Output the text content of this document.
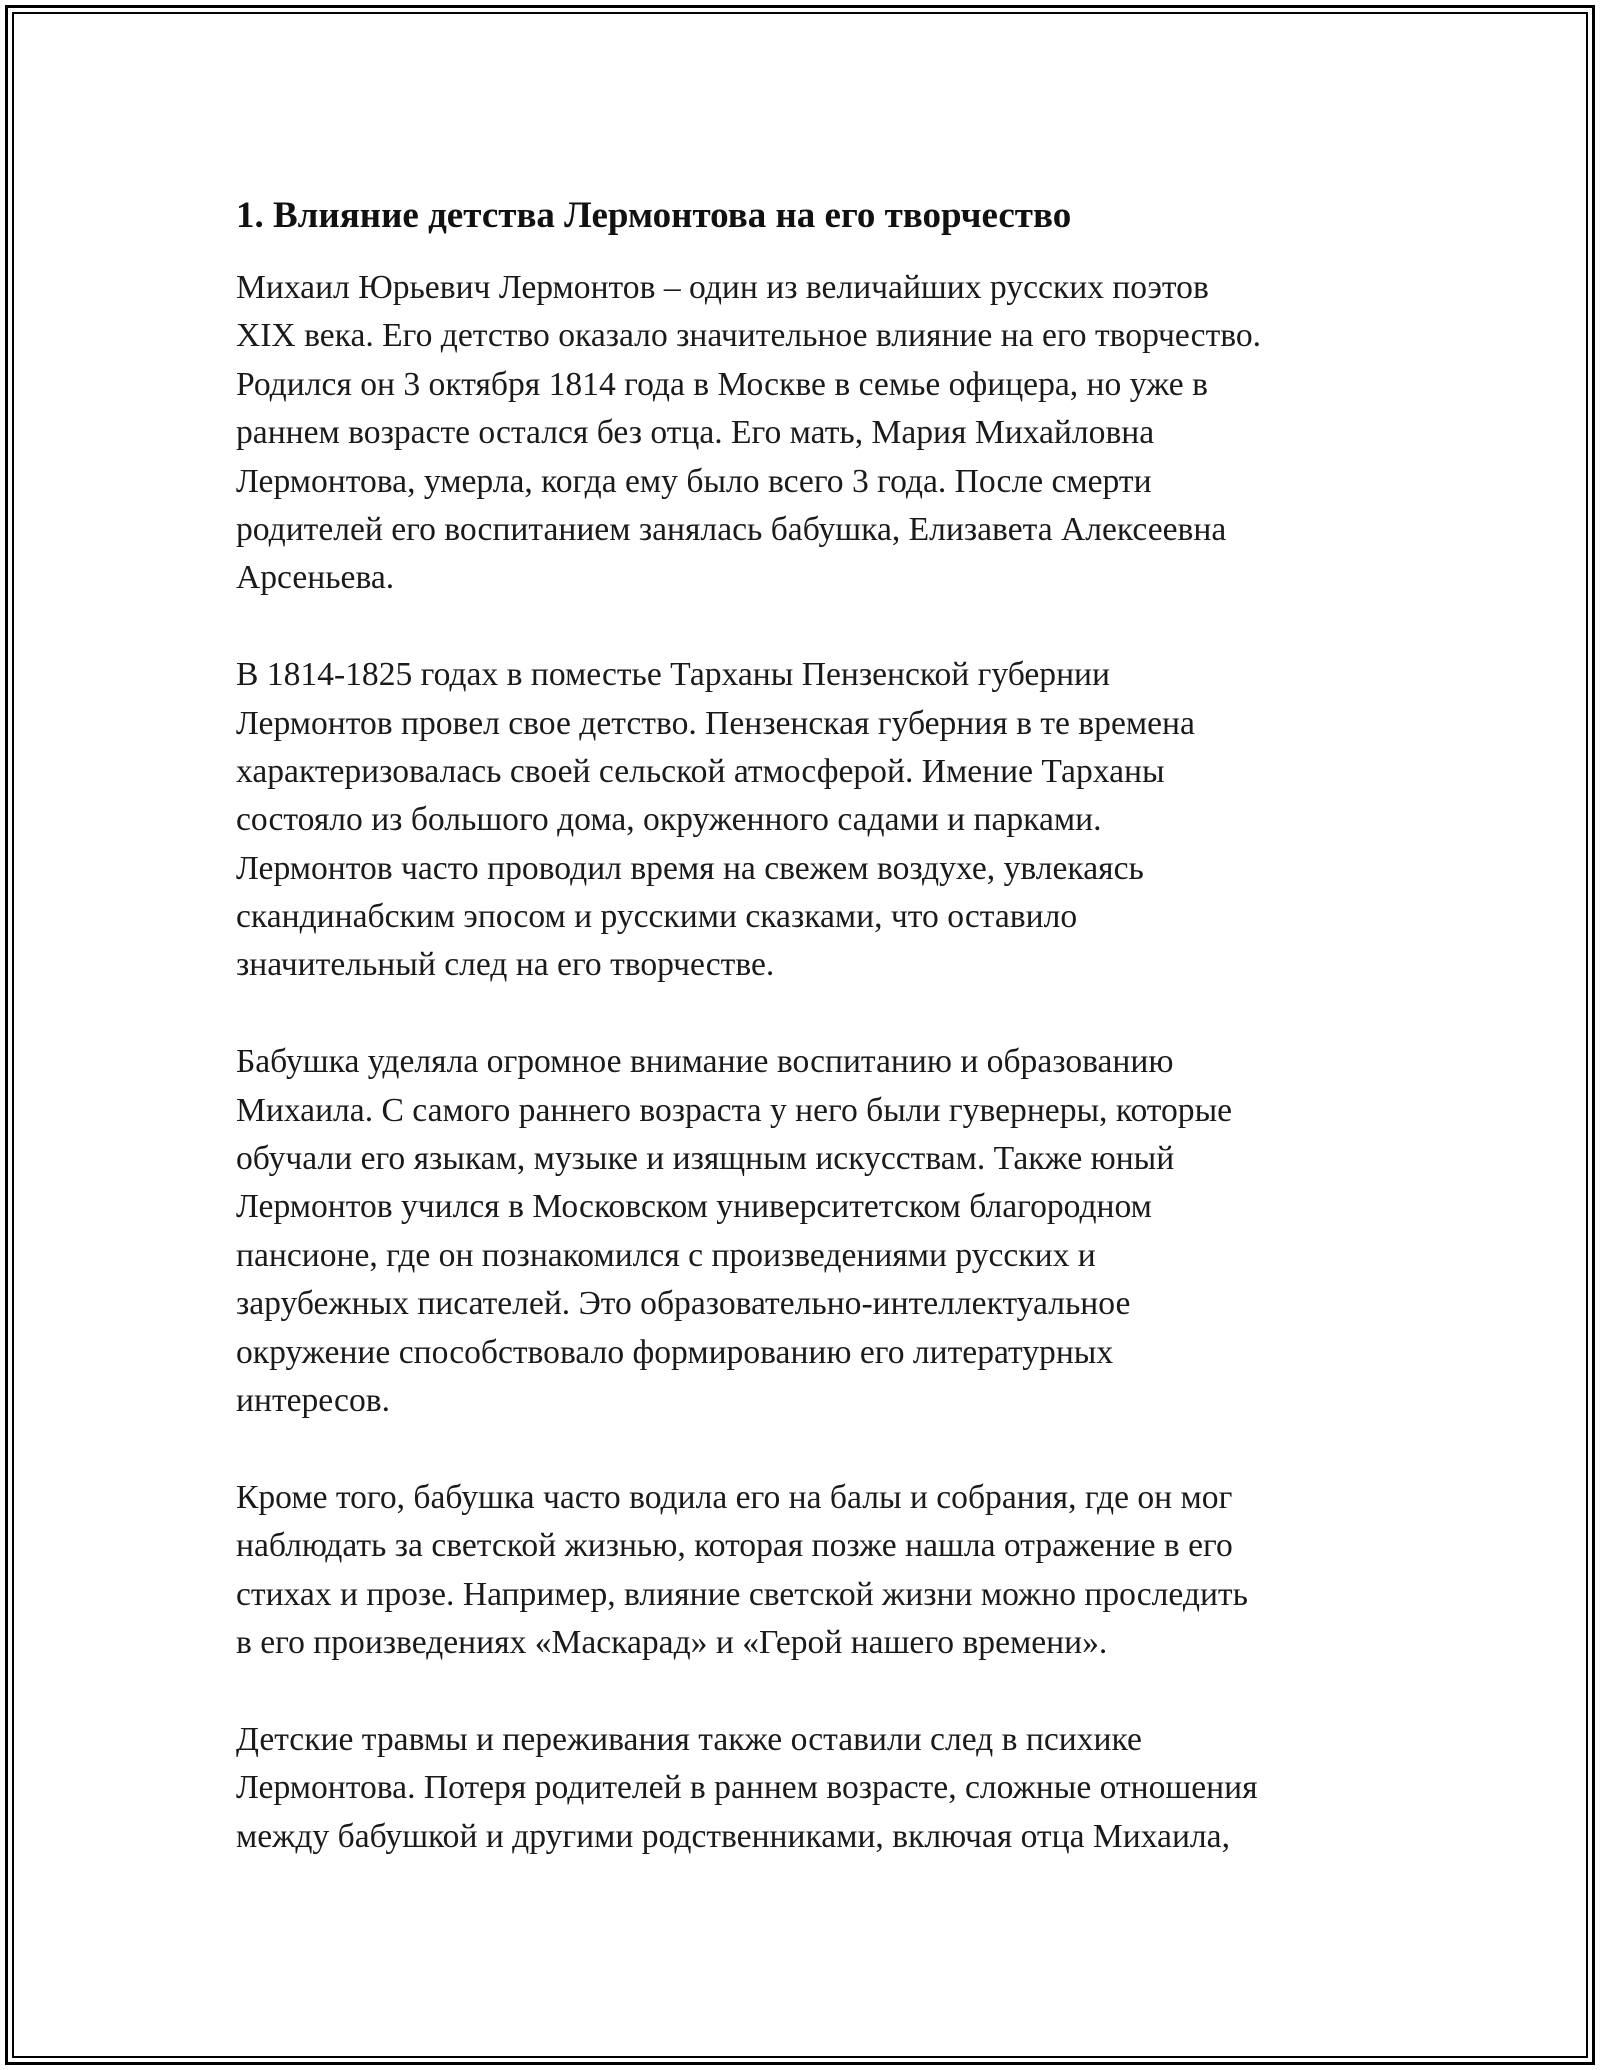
1. Влияние детства Лермонтова на его творчество

Михаил Юрьевич Лермонтов – один из величайших русских поэтов
XIX века. Его детство оказало значительное влияние на его творчество.
Родился он 3 октября 1814 года в Москве в семье офицера, но уже в
раннем возрасте остался без отца. Его мать, Мария Михайловна
Лермонтова, умерла, когда ему было всего 3 года. После смерти
родителей его воспитанием занялась бабушка, Елизавета Алексеевна
Арсеньева.

В 1814-1825 годах в поместье Тарханы Пензенской губернии
Лермонтов провел свое детство. Пензенская губерния в те времена
характеризовалась своей сельской атмосферой. Имение Тарханы
состояло из большого дома, окруженного садами и парками.
Лермонтов часто проводил время на свежем воздухе, увлекаясь
скандинабским эпосом и русскими сказками, что оставило
значительный след на его творчестве.

Бабушка уделяла огромное внимание воспитанию и образованию
Михаила. С самого раннего возраста у него были гувернеры, которые
обучали его языкам, музыке и изящным искусствам. Также юный
Лермонтов учился в Московском университетском благородном
пансионе, где он познакомился с произведениями русских и
зарубежных писателей. Это образовательно-интеллектуальное
окружение способствовало формированию его литературных
интересов.

Кроме того, бабушка часто водила его на балы и собрания, где он мог
наблюдать за светской жизнью, которая позже нашла отражение в его
стихах и прозе. Например, влияние светской жизни можно проследить
в его произведениях «Маскарад» и «Герой нашего времени».

Детские травмы и переживания также оставили след в психике
Лермонтова. Потеря родителей в раннем возрасте, сложные отношения
между бабушкой и другими родственниками, включая отца Михаила,
